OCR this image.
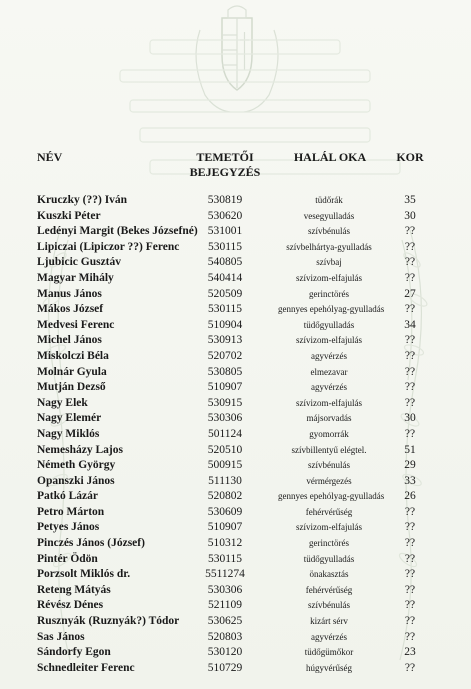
NÉV	TEMETŐI
BEJEGYZÉS
HALÁL OKA	KOR
Kruczky (??) Iván	530819	tüdőrák	35
Kuszki Péter	530620	vesegyulladás	30
Ledényi Margit (Bekes Józsefné) 531001	szívbénulás	??
Lipiczai (Lipiczor ??) Ferenc	530115	szívbelhártya-gyulladás	??
Ljubicic Gusztáv	540805	szívbaj	??
Magyar Mihály	540414	szívizom-elfajulás	??
Manus János	520509	gerinctörés	27
Mákos József	530115	gennyes epehólyag-gyulladás	??
Medvesi Ferenc	510904	tüdőgyulladás	34
Michel János	530913	szívizom-elfajulás	??
Miskolczi Béla	520702	agyvérzés	??
Molnár Gyula	530805	elmezavar	??
Mutján Dezső	510907	agyvérzés	??
Nagy Elek	530915	szívizom-elfajulás	??
Nagy Elemér	530306	májsorvadás	30
Nagy Miklós	501124	gyomorrák	??
Nemesházy Lajos	520510	szívbillentyű elégtel.	51
Németh György	500915	szívbénulás	29
Opanszki János	511130	vérmérgezés	33
Patkó Lázár	520802	gennyes epehólyag-gyulladás	26
Petro Márton	530609	fehérvérűség	??
Petyes János	510907	szívizom-elfajulás	??
Pinczés János (József)	510312	gerinctörés	??
Pintér Ödön	530115	tüdőgyulladás	??
Porzsolt Miklós dr.	5511274	önakasztás	??
Reteng Mátyás	530306	fehérvérűség	??
Révész Dénes	521109	szívbénulás	??
Rusznyák (Ruznyák?) Tódor	530625	kizárt sérv	??
Sas János	520803	agyvérzés	??
Sándorfy Egon	530120	tüdőgümőkor	23
Schnedleiter Ferenc	510729	húgyvérűség	??
